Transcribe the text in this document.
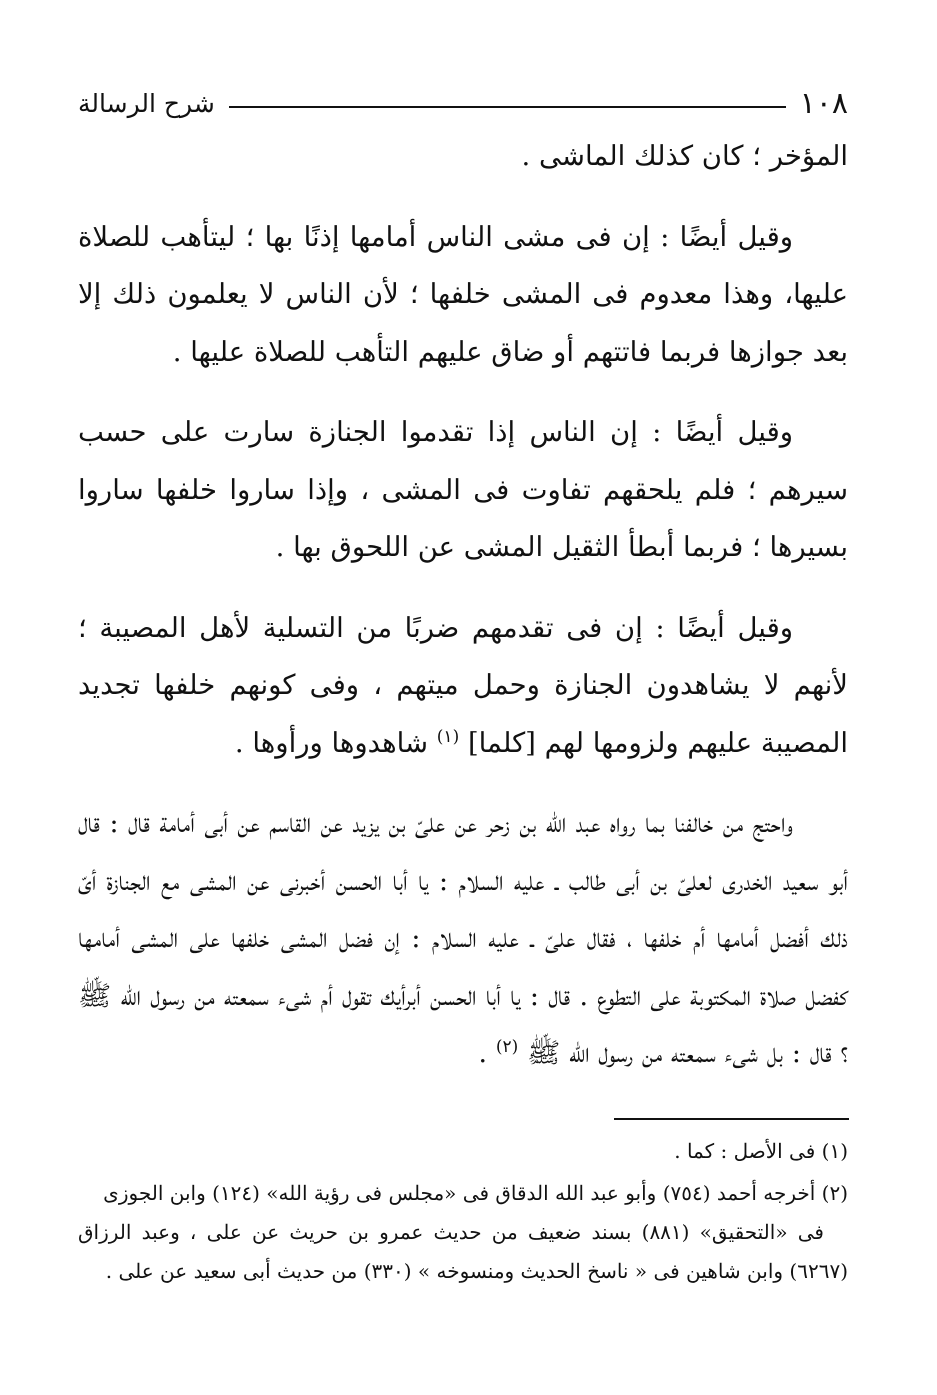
١٠٨
شرح الرسالة

المؤخر ؛ كان كذلك الماشى .

وقيل أيضًا : إن فى مشى الناس أمامها إذنًا بها ؛ ليتأهب للصلاة عليها، وهذا معدوم فى المشى خلفها ؛ لأن الناس لا يعلمون ذلك إلا بعد جوازها فربما فاتتهم أو ضاق عليهم التأهب للصلاة عليها .

وقيل أيضًا : إن الناس إذا تقدموا الجنازة سارت على حسب سيرهم ؛ فلم يلحقهم تفاوت فى المشى ، وإذا ساروا خلفها ساروا بسيرها ؛ فربما أبطأ الثقيل المشى عن اللحوق بها .

وقيل أيضًا : إن فى تقدمهم ضربًا من التسلية لأهل المصيبة ؛ لأنهم لا يشاهدون الجنازة وحمل ميتهم ، وفى كونهم خلفها تجديد المصيبة عليهم ولزومها لهم [كلما] $^{(١)}$ شاهدوها ورأوها .

واحتج من خالفنا بما رواه عبد الله بن زحر عن علىّ بن يزيد عن القاسم عن أبى أمامة قال : قال أبو سعيد الخدرى لعلىّ بن أبى طالب ـ عليه السلام : يا أبا الحسن أخبرنى عن المشى مع الجنازة أىّ ذلك أفضل أمامها أم خلفها ، فقال علىّ ـ عليه السلام : إن فضل المشى خلفها على المشى أمامها كفضل صلاة المكتوبة على التطوع . قال : يا أبا الحسن أبرأيك تقول أم شىء سمعته من رسول الله ﷺ ؟ قال : بل شىء سمعته من رسول الله ﷺ $^{(٢)}$ .

(١) فى الأصل : كما .

(٢) أخرجه أحمد (٧٥٤) وأبو عبد الله الدقاق فى «مجلس فى رؤية الله» (١٢٤) وابن الجوزى
فى «التحقيق» (٨٨١) بسند ضعيف من حديث عمرو بن حريث عن على ، وعبد الرزاق (٦٢٦٧) وابن شاهين فى « ناسخ الحديث ومنسوخه » (٣٣٠) من حديث أبى سعيد عن على .
